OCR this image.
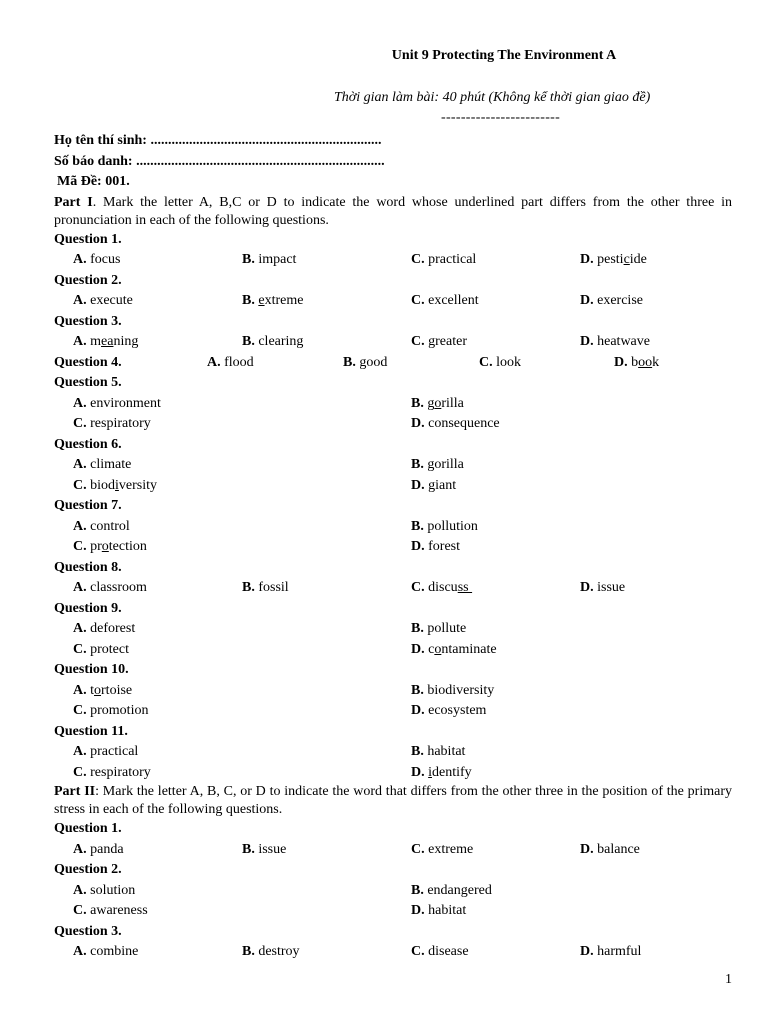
Unit 9 Protecting The Environment A
Thời gian làm bài: 40 phút (Không kể thời gian giao đề)
------------------------
Họ tên thí sinh: ..................................................................
Số báo danh: .......................................................................
Mã Đề: 001.

Part I. Mark the letter A, B,C or D to indicate the word whose underlined part differs from the other three in pronunciation in each of the following questions.

Question 1.
A. focus	B. impact	C. practical	D. pesticide
Question 2.
A. execute	B. extreme	C. excellent	D. exercise
Question 3.
A. meaning	B. clearing	C. greater	D. heatwave
Question 4.	A. flood	B. good	C. look	D. book
Question 5.
A. environment	B. gorilla
C. respiratory	D. consequence
Question 6.
A. climate	B. gorilla
C. biodiversity	D. giant
Question 7.
A. control	B. pollution
C. protection	D. forest
Question 8.
A. classroom	B. fossil	C. discuss	D. issue
Question 9.
A. deforest	B. pollute
C. protect	D. contaminate
Question 10.
A. tortoise	B. biodiversity
C. promotion	D. ecosystem
Question 11.
A. practical	B. habitat
C. respiratory	D. identify

Part II: Mark the letter A, B, C, or D to indicate the word that differs from the other three in the position of the primary stress in each of the following questions.

Question 1.
A. panda	B. issue	C. extreme	D. balance
Question 2.
A. solution	B. endangered
C. awareness	D. habitat
Question 3.
A. combine	B. destroy	C. disease	D. harmful
1
